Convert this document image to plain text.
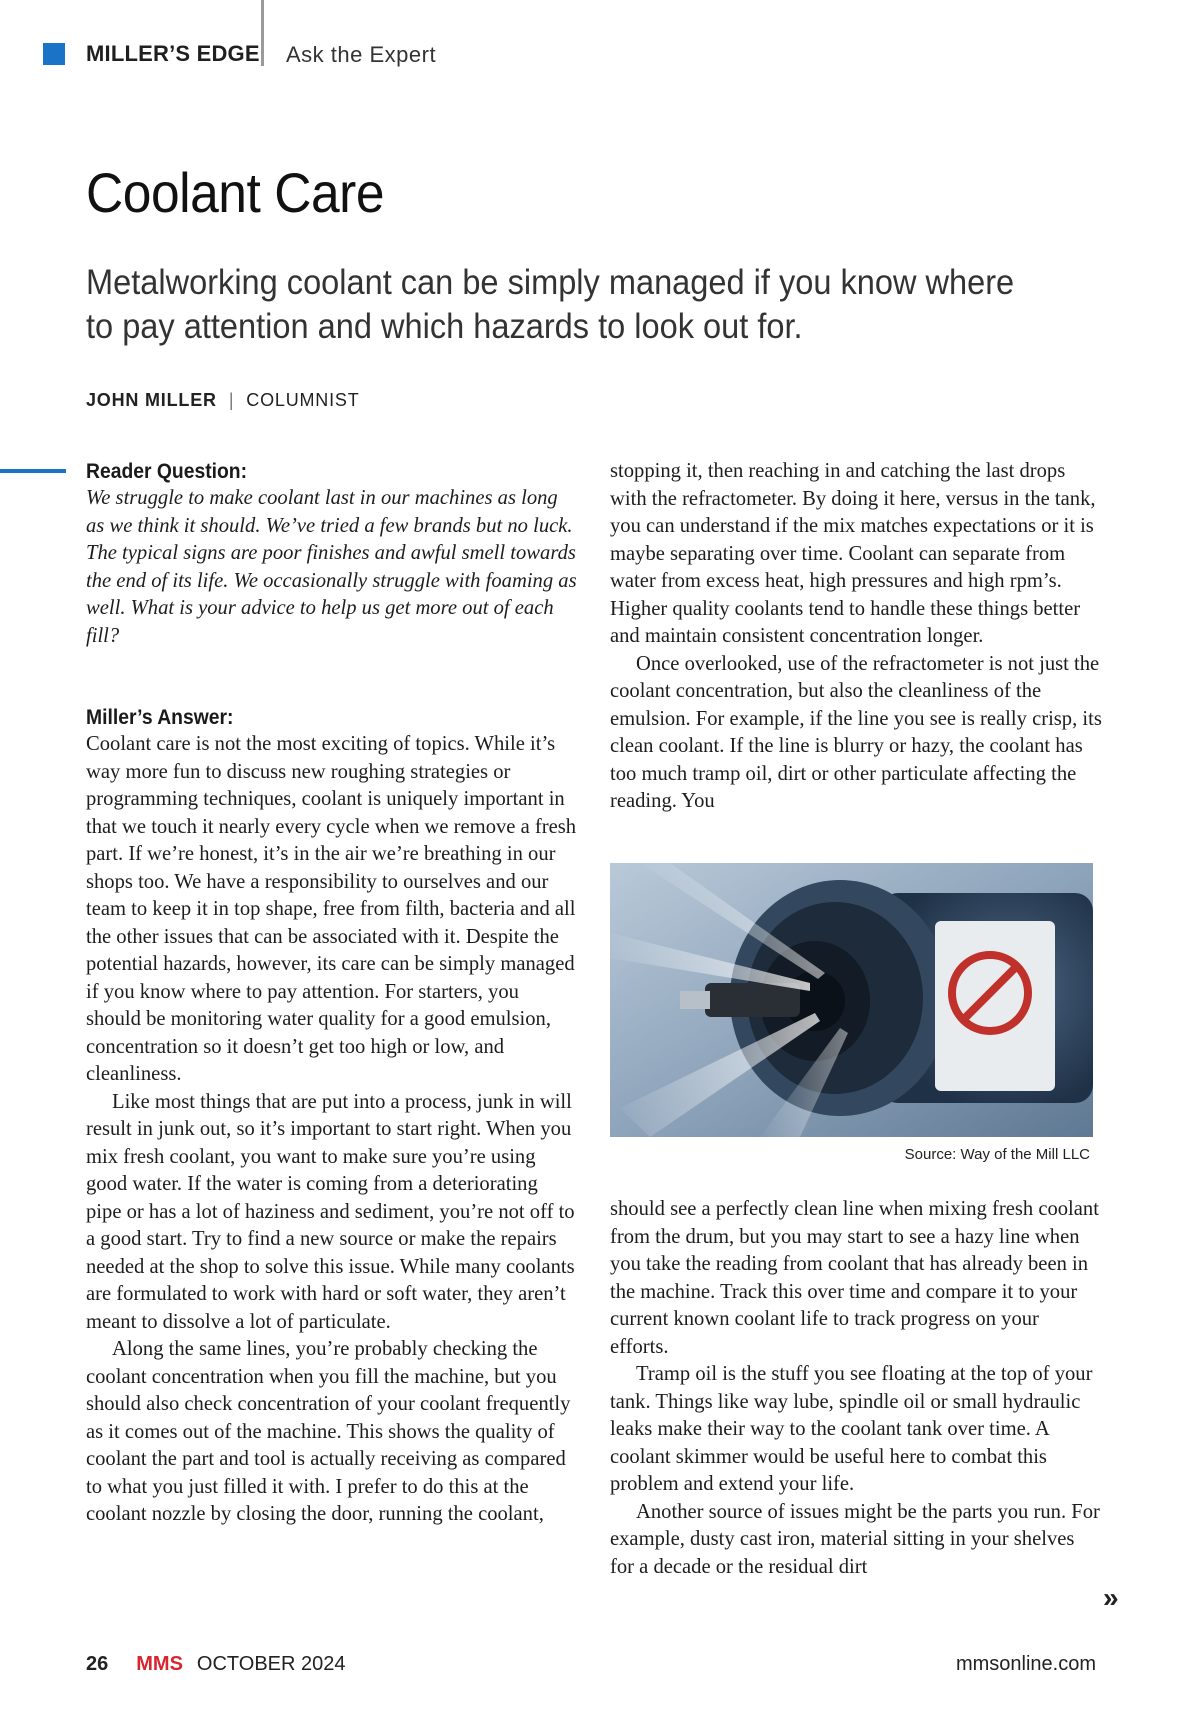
MILLER’S EDGE Ask the Expert
Coolant Care

Metalworking coolant can be simply managed if you know where to pay attention and which hazards to look out for.

JOHN MILLER | COLUMNIST
Reader Question:

We struggle to make coolant last in our machines as long as we think it should. We’ve tried a few brands but no luck. The typical signs are poor finishes and awful smell towards the end of its life. We occasionally struggle with foaming as well. What is your advice to help us get more out of each fill?

Miller’s Answer:

Coolant care is not the most exciting of topics. While it’s way more fun to discuss new roughing strategies or programming techniques, coolant is uniquely important in that we touch it nearly every cycle when we remove a fresh part. If we’re honest, it’s in the air we’re breathing in our shops too. We have a responsibility to ourselves and our team to keep it in top shape, free from filth, bacteria and all the other issues that can be associated with it. Despite the potential hazards, however, its care can be simply managed if you know where to pay attention. For starters, you should be monitoring water quality for a good emulsion, concentration so it doesn’t get too high or low, and cleanliness.

Like most things that are put into a process, junk in will result in junk out, so it’s important to start right. When you mix fresh coolant, you want to make sure you’re using good water. If the water is coming from a deteriorating pipe or has a lot of haziness and sediment, you’re not off to a good start. Try to find a new source or make the repairs needed at the shop to solve this issue. While many coolants are formulated to work with hard or soft water, they aren’t meant to dissolve a lot of particulate.

Along the same lines, you’re probably checking the coolant concentration when you fill the machine, but you should also check concentration of your coolant frequently as it comes out of the machine. This shows the quality of coolant the part and tool is actually receiving as compared to what you just filled it with. I prefer to do this at the coolant nozzle by closing the door, running the coolant,

stopping it, then reaching in and catching the last drops with the refractometer. By doing it here, versus in the tank, you can understand if the mix matches expectations or it is maybe separating over time. Coolant can separate from water from excess heat, high pressures and high rpm’s. Higher quality coolants tend to handle these things better and maintain consistent concentration longer.

Once overlooked, use of the refractometer is not just the coolant concentration, but also the cleanliness of the emulsion. For example, if the line you see is really crisp, its clean coolant. If the line is blurry or hazy, the coolant has too much tramp oil, dirt or other particulate affecting the reading. You

Source: Way of the Mill LLC

should see a perfectly clean line when mixing fresh coolant from the drum, but you may start to see a hazy line when you take the reading from coolant that has already been in the machine. Track this over time and compare it to your current known coolant life to track progress on your efforts.

Tramp oil is the stuff you see floating at the top of your tank. Things like way lube, spindle oil or small hydraulic leaks make their way to the coolant tank over time. A coolant skimmer would be useful here to combat this problem and extend your life.

Another source of issues might be the parts you run. For example, dusty cast iron, material sitting in your shelves for a decade or the residual dirt

»
26 MMS OCTOBER 2024	mmsonline.com
